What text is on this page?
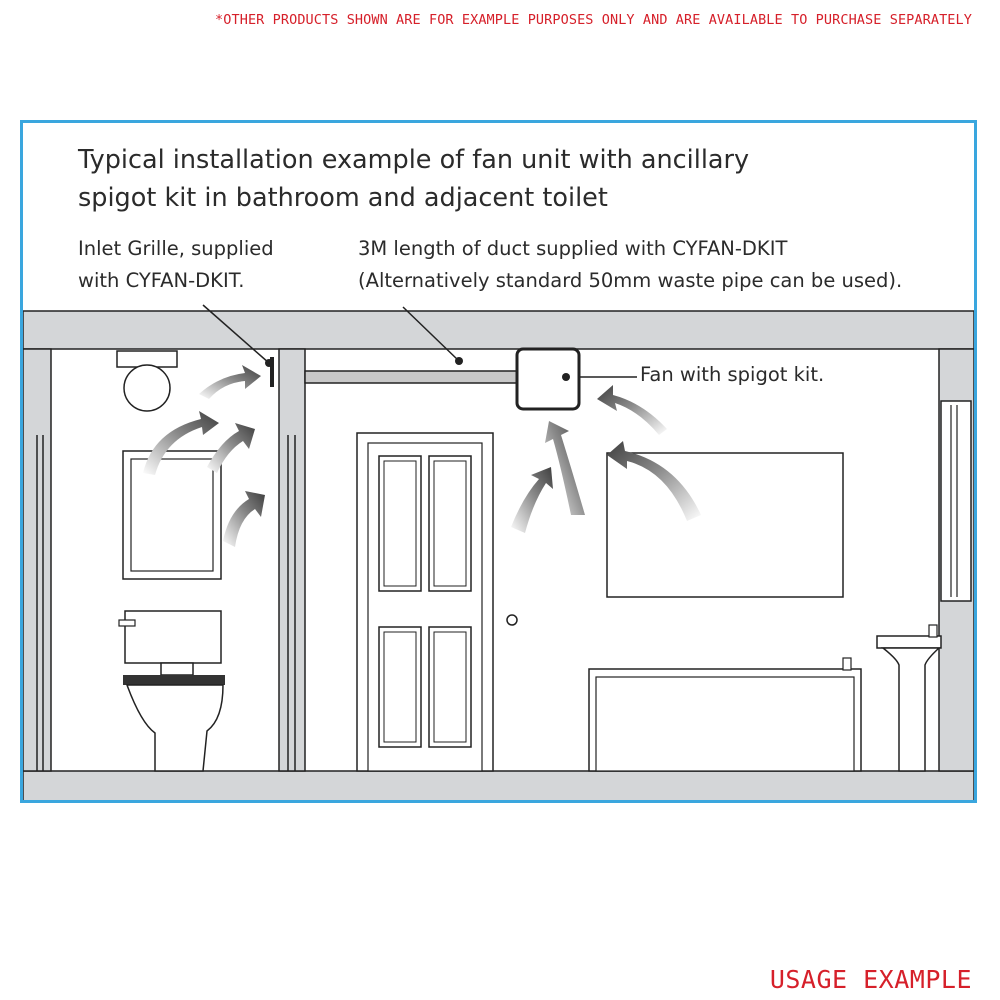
*OTHER PRODUCTS SHOWN ARE FOR EXAMPLE PURPOSES ONLY AND ARE AVAILABLE TO PURCHASE SEPARATELY
Typical installation example of fan unit with ancillary
spigot kit in bathroom and adjacent toilet
Inlet Grille, supplied
with CYFAN-DKIT.
3M length of duct supplied with CYFAN-DKIT
(Alternatively standard 50mm waste pipe can be used).
Fan with spigot kit.
USAGE EXAMPLE
